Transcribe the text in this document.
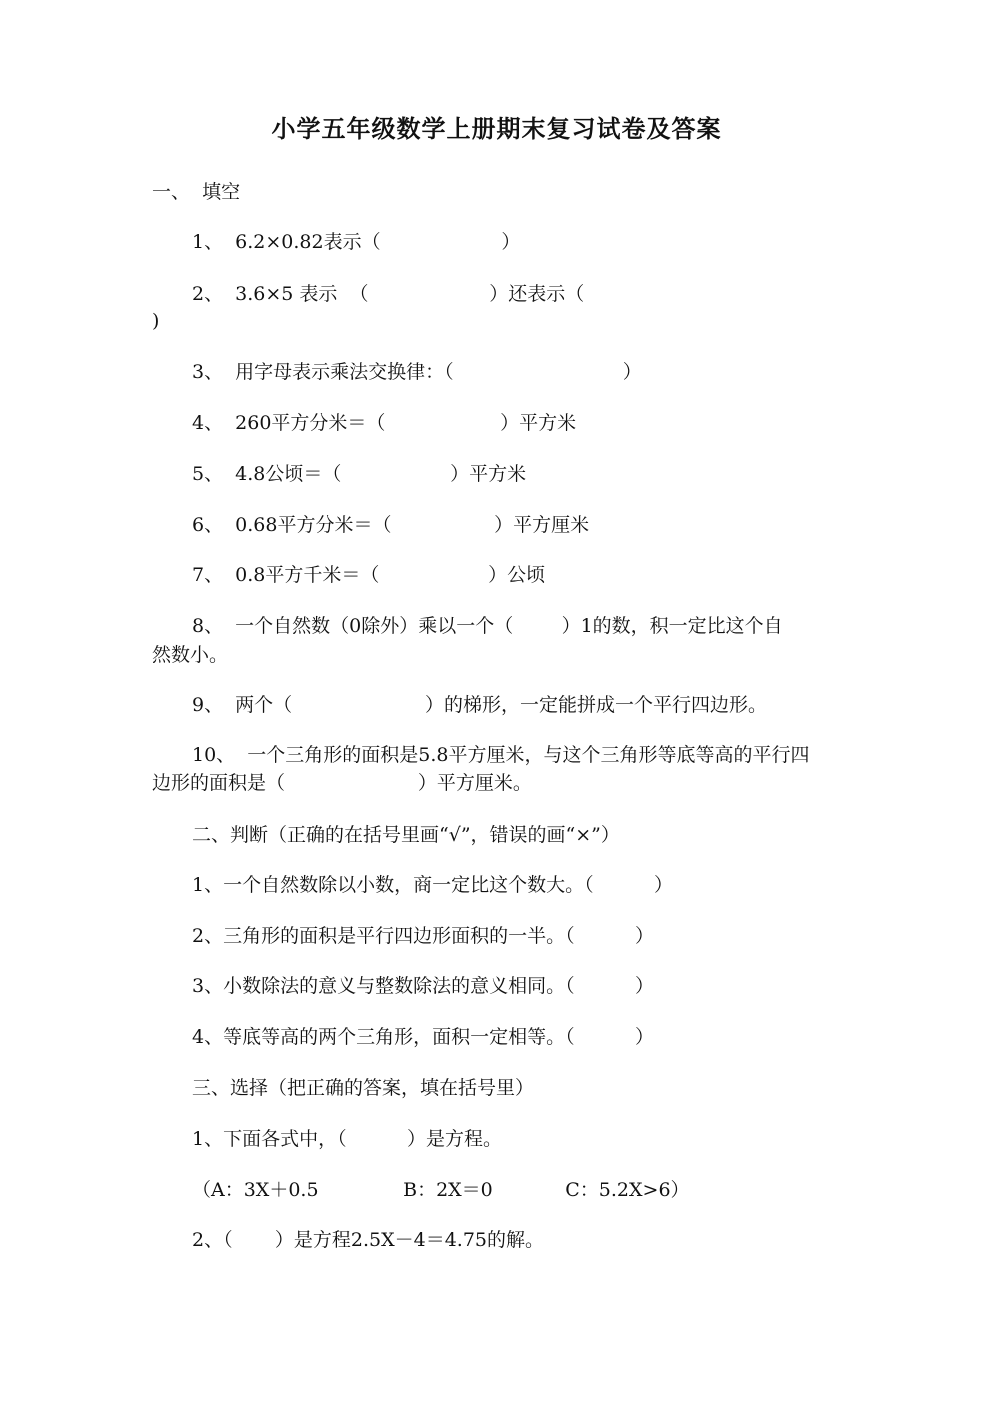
小学五年级数学上册期末复习试卷及答案
一、  填空
1、  6.2×0.82表示（                    ）
2、  3.6×5 表示  （                    ）还表示（
)
3、  用字母表示乘法交换律：（                            ）
4、  260平方分米＝（                   ）平方米
5、  4.8公顷＝（                  ）平方米
6、  0.68平方分米＝（                 ）平方厘米
7、  0.8平方千米＝（                  ）公顷
8、  一个自然数（0除外）乘以一个（        ）1的数，积一定比这个自
然数小。
9、  两个（                      ）的梯形，一定能拼成一个平行四边形。
10、  一个三角形的面积是5.8平方厘米，与这个三角形等底等高的平行四
边形的面积是（                      ）平方厘米。
二、判断（正确的在括号里画“√”，错误的画“×”）
1、一个自然数除以小数，商一定比这个数大。（          ）
2、三角形的面积是平行四边形面积的一半。（          ）
3、小数除法的意义与整数除法的意义相同。（          ）
4、等底等高的两个三角形，面积一定相等。（          ）
三、选择（把正确的答案，填在括号里）
1、下面各式中，（          ）是方程。
（A：3X＋0.5              B：2X＝0            C：5.2X>6）
2、（       ）是方程2.5X－4＝4.75的解。
